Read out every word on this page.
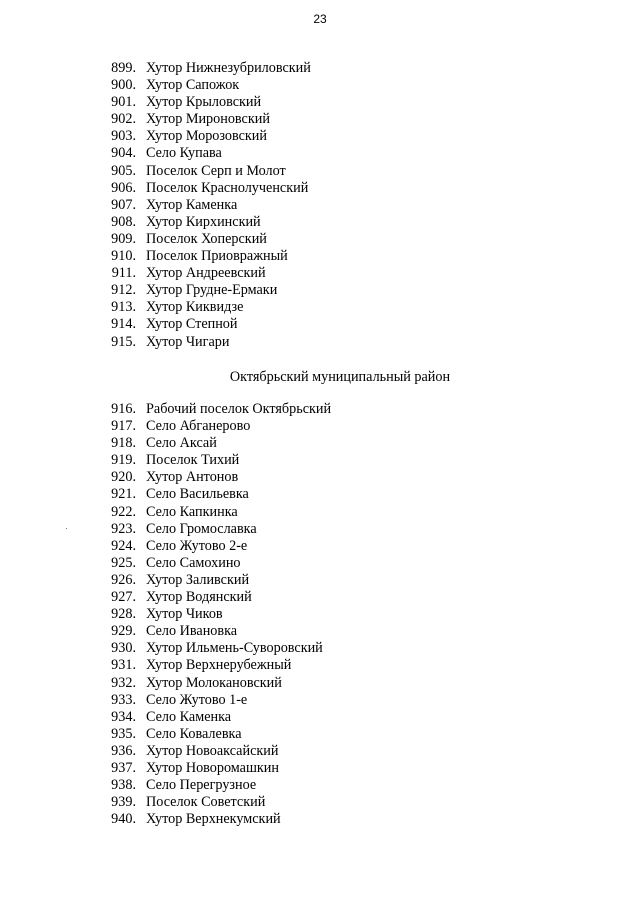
23
899. Хутор Нижнезубриловский
900. Хутор Сапожок
901. Хутор Крыловский
902. Хутор Мироновский
903. Хутор Морозовский
904. Село Купава
905. Поселок Серп и Молот
906. Поселок Краснолученский
907. Хутор Каменка
908. Хутор Кирхинский
909. Поселок Хоперский
910. Поселок Приовражный
911. Хутор Андреевский
912. Хутор Грудне-Ермаки
913. Хутор Киквидзе
914. Хутор Степной
915. Хутор Чигари
Октябрьский муниципальный район
916. Рабочий поселок Октябрьский
917. Село Абганерово
918. Село Аксай
919. Поселок Тихий
920. Хутор Антонов
921. Село Васильевка
922. Село Капкинка
923. Село Громославка
924. Село Жутово 2-е
925. Село Самохино
926. Хутор Заливский
927. Хутор Водянский
928. Хутор Чиков
929. Село Ивановка
930. Хутор Ильмень-Суворовский
931. Хутор Верхнерубежный
932. Хутор Молокановский
933. Село Жутово 1-е
934. Село Каменка
935. Село Ковалевка
936. Хутор Новоаксайский
937. Хутор Новоромашкин
938. Село Перегрузное
939. Поселок Советский
940. Хутор Верхнекумский
